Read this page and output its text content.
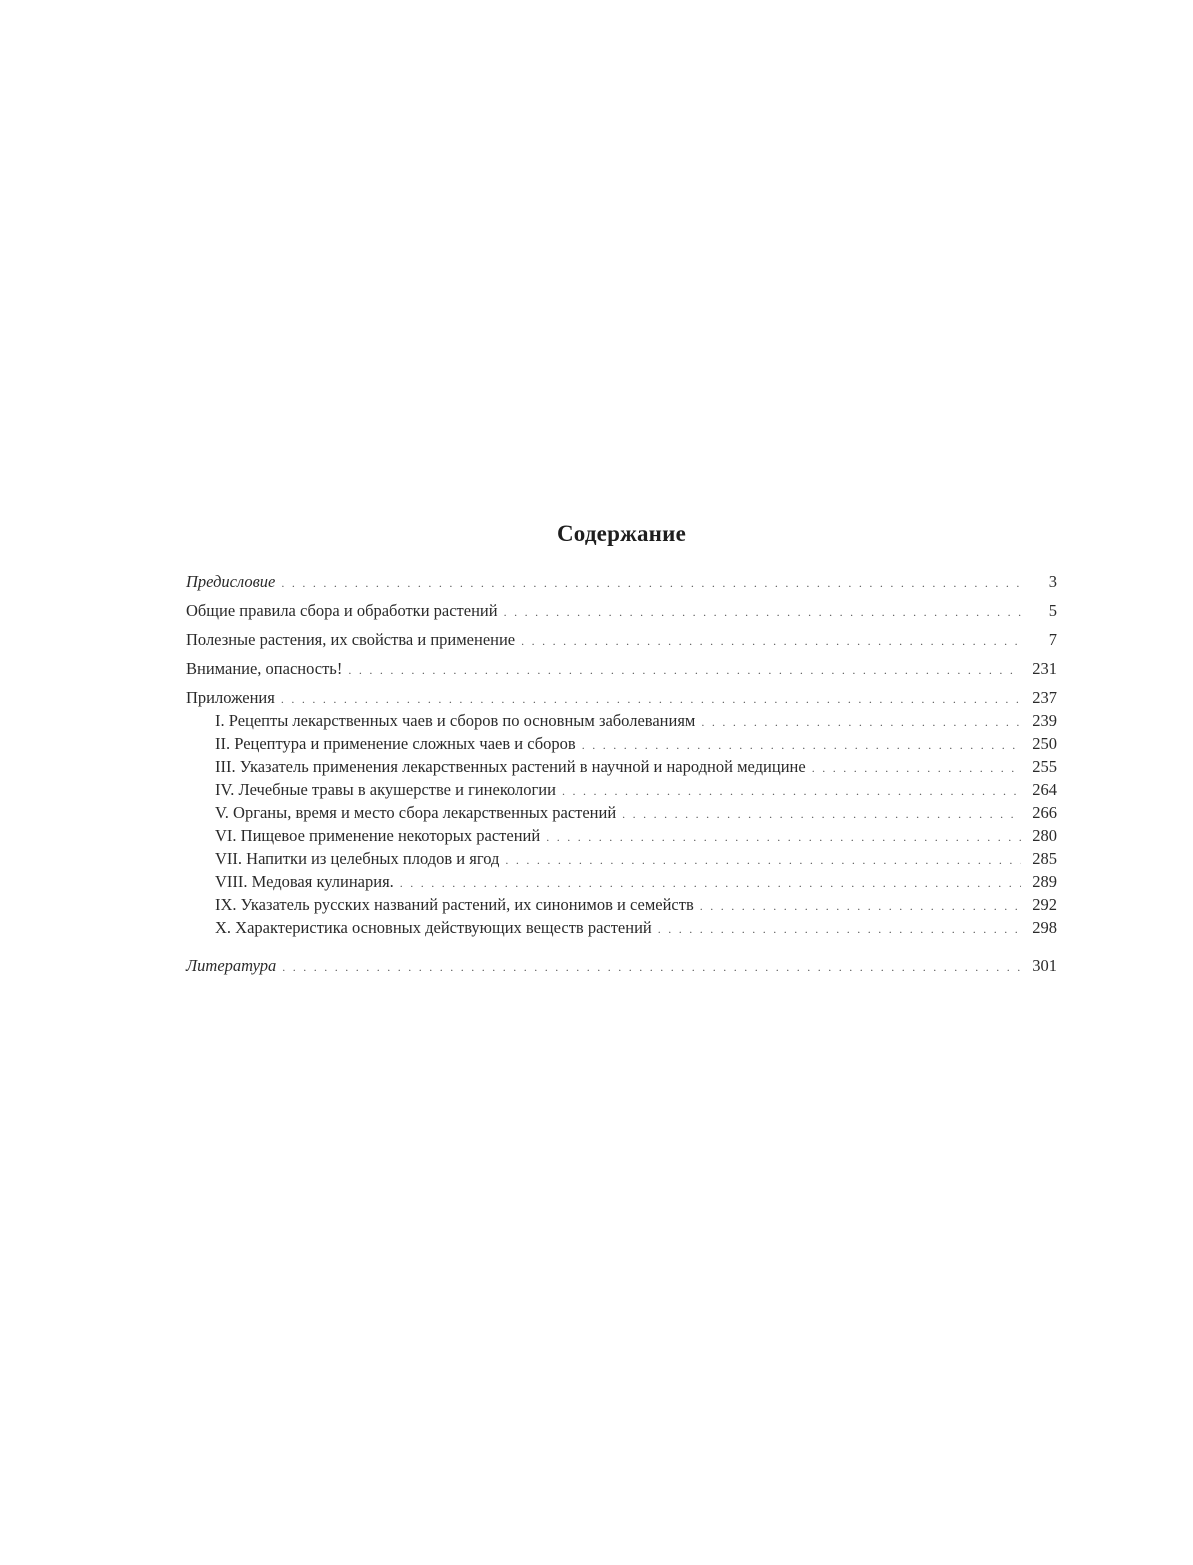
Содержание
Предисловие . . .	3
Общие правила сбора и обработки растений . . .	5
Полезные растения, их свойства и применение . . .	7
Внимание, опасность! . . .	231
Приложения . . .	237
I. Рецепты лекарственных чаев и сборов по основным заболеваниям . . .	239
II. Рецептура и применение сложных чаев и сборов . . .	250
III. Указатель применения лекарственных растений в научной и народной медицине . . .	255
IV. Лечебные травы в акушерстве и гинекологии . . .	264
V. Органы, время и место сбора лекарственных растений . . .	266
VI. Пищевое применение некоторых растений . . .	280
VII. Напитки из целебных плодов и ягод . . .	285
VIII. Медовая кулинария. . . .	289
IX. Указатель русских названий растений, их синонимов и семейств . . .	292
X. Характеристика основных действующих веществ растений . . .	298
Литература . . .	301
